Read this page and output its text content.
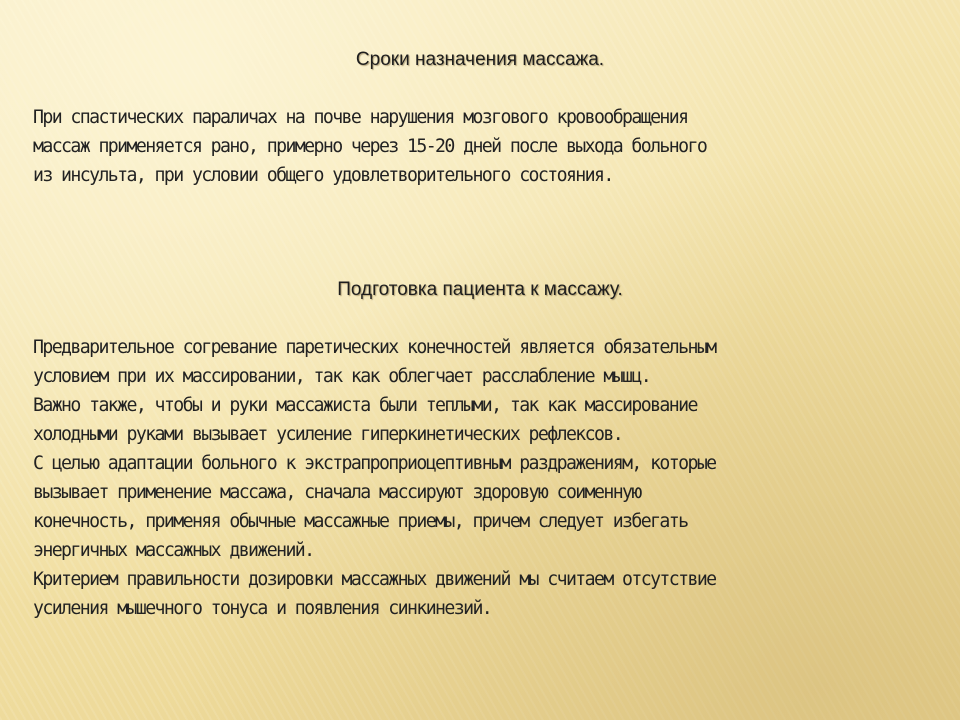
Сроки назначения массажа.

При спастических параличах на почве нарушения мозгового кровообращения
массаж применяется рано, примерно через 15-20 дней после выхода больного
из инсульта, при условии общего удовлетворительного состояния.

Подготовка пациента к массажу.

Предварительное согревание паретических конечностей является обязательным
условием при их массировании, так как облегчает расслабление мышц.
Важно также, чтобы и руки массажиста были теплыми, так как массирование
холодными руками вызывает усиление гиперкинетических рефлексов.
С целью адаптации больного к экстрапроприоцептивным раздражениям, которые
вызывает применение массажа, сначала массируют здоровую соименную
конечность, применяя обычные массажные приемы, причем следует избегать
энергичных массажных движений.
Критерием правильности дозировки массажных движений мы считаем отсутствие
усиления мышечного тонуса и появления синкинезий.
